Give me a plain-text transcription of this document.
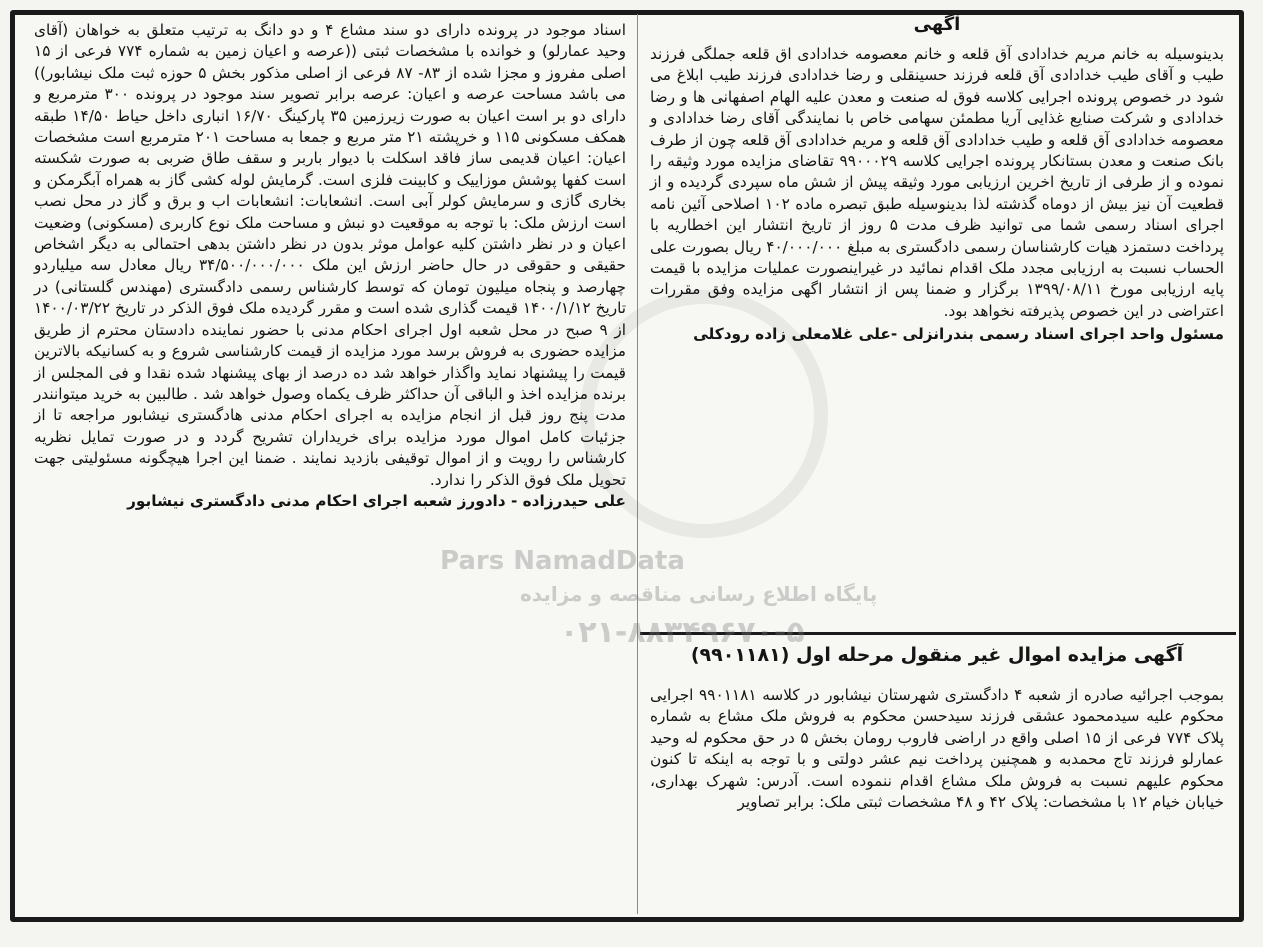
اسناد موجود در پرونده دارای دو سند مشاع ۴ و دو دانگ به ترتیب متعلق به خواهان (آقای وحید عمارلو) و خوانده با مشخصات ثبتی ((عرصه و اعیان زمین به شماره ۷۷۴ فرعی از ۱۵ اصلی مفروز و مجزا شده از ۸۳- ۸۷ فرعی از اصلی مذکور بخش ۵ حوزه ثبت ملک نیشابور)) می باشد مساحت عرصه و اعیان: عرصه برابر تصویر سند موجود در پرونده ۳۰۰ مترمربع و دارای دو بر است اعیان به صورت زیرزمین ۳۵ پارکینگ ۱۶/۷۰ انباری داخل حیاط ۱۴/۵۰ طبقه همکف مسکونی ۱۱۵ و خرپشته ۲۱ متر مربع و جمعا به مساحت ۲۰۱ مترمربع است مشخصات اعیان: اعیان قدیمی ساز فاقد اسکلت با دیوار باربر و سقف طاق ضربی به صورت شکسته است کفها پوشش موزاییک و کابینت فلزی است. گرمایش لوله کشی گاز به همراه آبگرمکن و بخاری گازی و سرمایش کولر آبی است. انشعابات: انشعابات اب و برق و گاز در محل نصب است ارزش ملک: با توجه به موقعیت دو نبش و مساحت ملک نوع کاربری (مسکونی) وضعیت اعیان و در نظر داشتن کلیه عوامل موثر بدون در نظر داشتن بدهی احتمالی به دیگر اشخاص حقیقی و حقوقی در حال حاضر ارزش این ملک ۳۴/۵۰۰/۰۰۰/۰۰۰ ریال معادل سه میلیاردو چهارصد و پنجاه میلیون تومان که توسط کارشناس رسمی دادگستری (مهندس گلستانی) در تاریخ ۱۴۰۰/۱/۱۲ قیمت گذاری شده است و مقرر گردیده ملک فوق الذکر در تاریخ ۱۴۰۰/۰۳/۲۲ از ۹ صبح در محل شعبه اول اجرای احکام مدنی با حضور نماینده دادستان محترم از طریق مزایده حضوری به فروش برسد مورد مزایده از قیمت کارشناسی شروع و به کسانیکه بالاترین قیمت را پیشنهاد نماید واگذار خواهد شد ده درصد از بهای پیشنهاد شده نقدا و فی المجلس از برنده مزایده اخذ و الباقی آن حداکثر ظرف یکماه وصول خواهد شد . طالبین به خرید میتوانندر مدت پنج روز قبل از انجام مزایده به اجرای احکام مدنی هادگستری نیشابور مراجعه تا از جزئیات کامل اموال مورد مزایده برای خریداران تشریح گردد و در صورت تمایل نظریه کارشناس را رویت و از اموال توقیفی بازدید نمایند . ضمنا این اجرا هیچگونه مسئولیتی جهت تحویل ملک فوق الذکر را ندارد.

علی حیدرزاده - دادورز شعبه اجرای احکام مدنی دادگستری نیشابور

آگهی

بدینوسیله به خانم مریم خدادادی آق قلعه و خانم معصومه خدادادی اق قلعه جملگی فرزند طیب و آقای طیب خدادادی آق قلعه فرزند حسینقلی و رضا خدادادی فرزند طیب ابلاغ می شود در خصوص پرونده اجرایی کلاسه فوق له صنعت و معدن علیه الهام اصفهانی ها و رضا خدادادی و شرکت صنایع غذایی آریا مطمئن سهامی خاص با نمایندگی آقای رضا خدادادی و معصومه خدادادی آق قلعه و طیب خدادادی آق قلعه و مریم خدادادی آق قلعه چون از طرف بانک صنعت و معدن بستانکار پرونده اجرایی کلاسه ۹۹۰۰۰۲۹ تقاضای مزایده مورد وثیقه را نموده و از طرفی از تاریخ اخرین ارزیابی مورد وثیقه پیش از شش ماه سپردی گردیده و از قطعیت آن نیز بیش از دوماه گذشته لذا بدینوسیله طبق تبصره ماده ۱۰۲ اصلاحی آئین نامه اجرای اسناد رسمی شما می توانید ظرف مدت ۵ روز از تاریخ انتشار این اخطاریه با پرداخت دستمزد هیات کارشناسان رسمی دادگستری به مبلغ ۴۰/۰۰۰/۰۰۰ ریال بصورت علی الحساب نسبت به ارزیابی مجدد ملک اقدام نمائید در غیراینصورت عملیات مزایده با قیمت پایه ارزیابی مورخ ۱۳۹۹/۰۸/۱۱ برگزار و ضمنا پس از انتشار اگهی مزایده وفق مقررات اعتراضی در این خصوص پذیرفته نخواهد بود.

مسئول واحد اجرای اسناد رسمی بندرانزلی -علی غلامعلی زاده رودکلی

آگهی مزایده اموال غیر منقول مرحله اول (۹۹۰۱۱۸۱)

بموجب اجرائیه صادره از شعبه ۴ دادگستری شهرستان نیشابور در کلاسه ۹۹۰۱۱۸۱ اجرایی محکوم علیه سیدمحمود عشقی فرزند سیدحسن محکوم به فروش ملک مشاع به شماره پلاک ۷۷۴ فرعی از ۱۵ اصلی واقع در اراضی فاروب رومان بخش ۵ در حق محکوم له وحید عمارلو فرزند تاج محمدبه و همچنین پرداخت نیم عشر دولتی و با توجه به اینکه تا کنون محکوم علیهم نسبت به فروش ملک مشاع اقدام ننموده است. آدرس: شهرک بهداری، خیابان خیام ۱۲ با مشخصات: پلاک ۴۲ و ۴۸ مشخصات ثبتی ملک: برابر تصاویر

Pars NamadData
پایگاه اطلاع رسانی مناقصه و مزایده
۰۲۱-۸۸۳۴۹۶۷۰-۵
